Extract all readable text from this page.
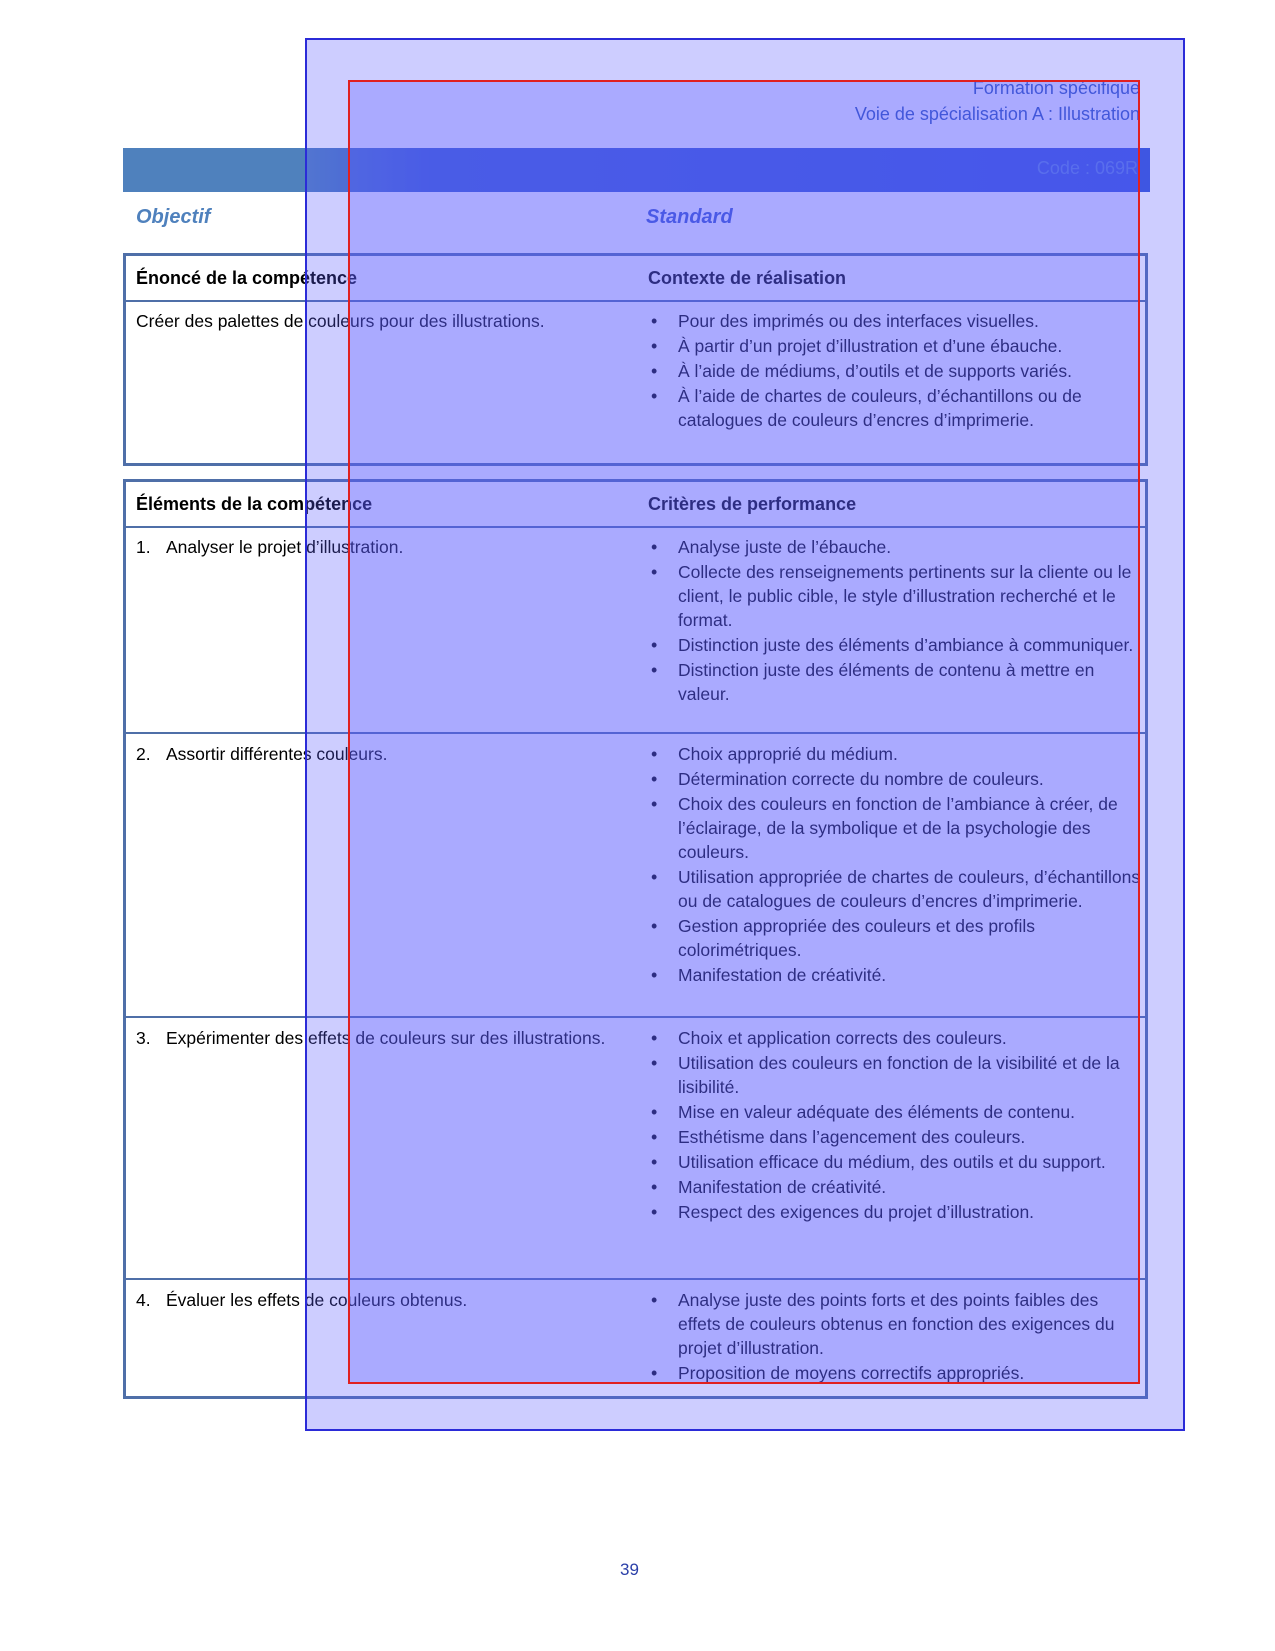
Formation spécifique
Voie de spécialisation A : Illustration
Code : 069R
Objectif	Standard
Énoncé de la compétence	Contexte de réalisation
Créer des palettes de couleurs pour des illustrations.	• Pour des imprimés ou des interfaces visuelles.
• À partir d’un projet d’illustration et d’une ébauche.
• À l’aide de médiums, d’outils et de supports variés.
• À l’aide de chartes de couleurs, d’échantillons ou de catalogues de couleurs d’encres d’imprimerie.
Éléments de la compétence	Critères de performance
1. Analyser le projet d’illustration.	• Analyse juste de l’ébauche.
• Collecte des renseignements pertinents sur la cliente ou le client, le public cible, le style d’illustration recherché et le format.
• Distinction juste des éléments d’ambiance à communiquer.
• Distinction juste des éléments de contenu à mettre en valeur.
2. Assortir différentes couleurs.	• Choix approprié du médium.
• Détermination correcte du nombre de couleurs.
• Choix des couleurs en fonction de l’ambiance à créer, de l’éclairage, de la symbolique et de la psychologie des couleurs.
• Utilisation appropriée de chartes de couleurs, d’échantillons ou de catalogues de couleurs d’encres d’imprimerie.
• Gestion appropriée des couleurs et des profils colorimétriques.
• Manifestation de créativité.
3. Expérimenter des effets de couleurs sur des illustrations.	• Choix et application corrects des couleurs.
• Utilisation des couleurs en fonction de la visibilité et de la lisibilité.
• Mise en valeur adéquate des éléments de contenu.
• Esthétisme dans l’agencement des couleurs.
• Utilisation efficace du médium, des outils et du support.
• Manifestation de créativité.
• Respect des exigences du projet d’illustration.
4. Évaluer les effets de couleurs obtenus.	• Analyse juste des points forts et des points faibles des effets de couleurs obtenus en fonction des exigences du projet d’illustration.
• Proposition de moyens correctifs appropriés.
39
